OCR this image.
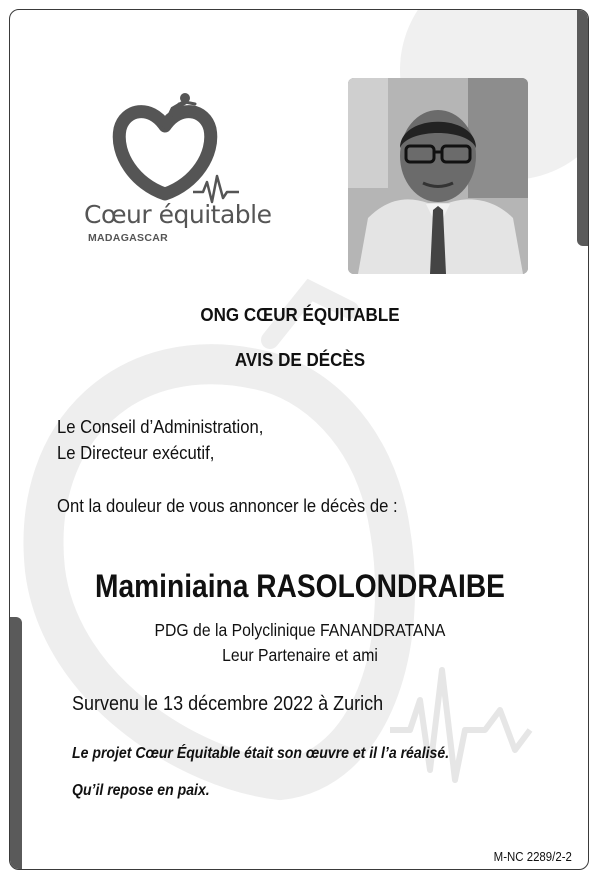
Cœur équitable
MADAGASCAR
ONG CŒUR ÉQUITABLE
AVIS DE DÉCÈS
Le Conseil d’Administration,
Le Directeur exécutif,
Ont la douleur de vous annoncer le décès de :
Maminiaina RASOLONDRAIBE
PDG de la Polyclinique FANANDRATANA
Leur Partenaire et ami
Survenu le 13 décembre 2022 à Zurich
Le projet Cœur Équitable était son œuvre et il l’a réalisé.
Qu’il repose en paix.
M-NC 2289/2-2
